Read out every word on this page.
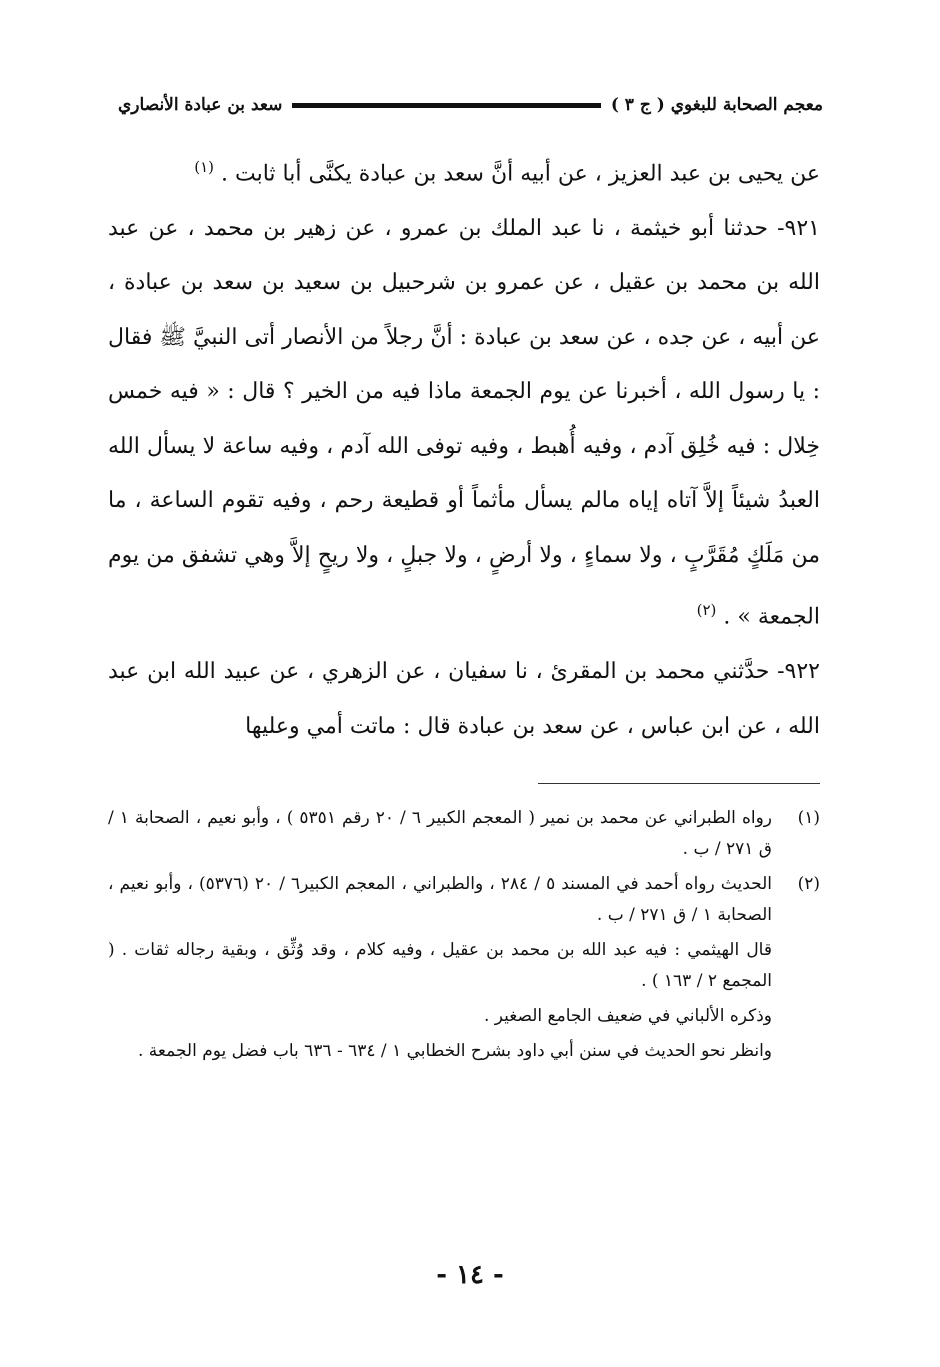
معجم الصحابة للبغوي ( ج ٣ )
سعد بن عبادة الأنصاري

عن يحيى بن عبد العزيز ، عن أبيه أنَّ سعد بن عبادة يكنَّى أبا ثابت . $^{(١)}$

٩٢١- حدثنا أبو خيثمة ، نا عبد الملك بن عمرو ، عن زهير بن محمد ، عن عبد الله بن محمد بن عقيل ، عن عمرو بن شرحبيل بن سعيد بن سعد بن عبادة ، عن أبيه ، عن جده ، عن سعد بن عبادة : أنَّ رجلاً من الأنصار أتى النبيَّ ﷺ فقال : يا رسول الله ، أخبرنا عن يوم الجمعة ماذا فيه من الخير ؟ قال : « فيه خمس خِلال : فيه خُلِق آدم ، وفيه أُهبط ، وفيه توفى الله آدم ، وفيه ساعة لا يسأل الله العبدُ شيئاً إلاَّ آتاه إياه مالم يسأل مأثماً أو قطيعة رحم ، وفيه تقوم الساعة ، ما من مَلَكٍ مُقَرَّبٍ ، ولا سماءٍ ، ولا أرضٍ ، ولا جبلٍ ، ولا ريحٍ إلاَّ وهي تشفق من يوم الجمعة » . $^{(٢)}$

٩٢٢- حدَّثني محمد بن المقرئ ، نا سفيان ، عن الزهري ، عن عبيد الله ابن عبد الله ، عن ابن عباس ، عن سعد بن عبادة قال : ماتت أمي وعليها

(١)

رواه الطبراني عن محمد بن نمير ( المعجم الكبير ٦ / ٢٠ رقم ٥٣٥١ ) ، وأبو نعيم ، الصحابة ١ / ق ٢٧١ / ب .

(٢)

الحديث رواه أحمد في المسند ٥ / ٢٨٤ ، والطبراني ، المعجم الكبير٦ / ٢٠ (٥٣٧٦) ، وأبو نعيم ، الصحابة ١ / ق ٢٧١ / ب .

قال الهيثمي : فيه عبد الله بن محمد بن عقيل ، وفيه كلام ، وقد وُثِّق ، وبقية رجاله ثقات . ( المجمع ٢ / ١٦٣ ) .

وذكره الألباني في ضعيف الجامع الصغير .

وانظر نحو الحديث في سنن أبي داود بشرح الخطابي ١ / ٦٣٤ - ٦٣٦ باب فضل يوم الجمعة .

- ١٤ -
